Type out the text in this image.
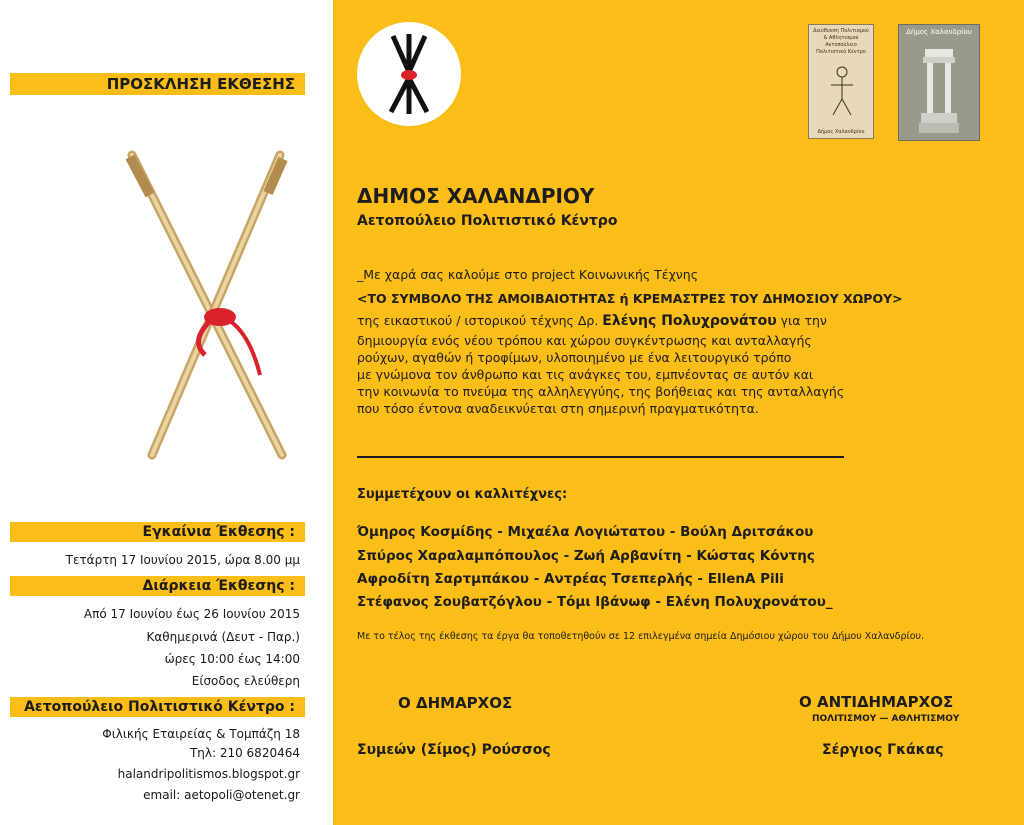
ΠΡΟΣΚΛΗΣΗ ΕΚΘΕΣΗΣ
Εγκαίνια Έκθεσης :
Τετάρτη 17 Ιουνίου 2015, ώρα 8.00 μμ
Διάρκεια Έκθεσης :
Από 17 Ιουνίου έως 26 Ιουνίου 2015
Καθημερινά (Δευτ - Παρ.)
ώρες 10:00 έως 14:00
Είσοδος ελεύθερη
Αετοπούλειο Πολιτιστικό Κέντρο :
Φιλικής Εταιρείας & Τομπάζη 18
Τηλ: 210 6820464
halandripolitismos.blogspot.gr
email: aetopoli@otenet.gr
Διεύθυνση Πολιτισμού & Αθλητισμού Αετοπούλειο Πολιτιστικό Κέντρο
Δήμος Χαλανδρίου
Δήμος Χαλανδρίου
ΔΗΜΟΣ ΧΑΛΑΝΔΡΙΟΥ
Αετοπούλειο Πολιτιστικό Κέντρο
_Με χαρά σας καλούμε στο project Κοινωνικής Τέχνης
<ΤΟ ΣΥΜΒΟΛΟ ΤΗΣ ΑΜΟΙΒΑΙΟΤΗΤΑΣ ή ΚΡΕΜΑΣΤΡΕΣ ΤΟΥ ΔΗΜΟΣΙΟΥ ΧΩΡΟΥ>
της εικαστικού / ιστορικού τέχνης Δρ. Ελένης Πολυχρονάτου για την
δημιουργία ενός νέου τρόπου και χώρου συγκέντρωσης και ανταλλαγής
ρούχων, αγαθών ή τροφίμων, υλοποιημένο με ένα λειτουργικό τρόπο
με γνώμονα τον άνθρωπο και τις ανάγκες του, εμπνέοντας σε αυτόν και
την κοινωνία το πνεύμα της αλληλεγγύης, της βοήθειας και της ανταλλαγής
που τόσο έντονα αναδεικνύεται στη σημερινή πραγματικότητα.
Συμμετέχουν οι καλλιτέχνες:
Όμηρος Κοσμίδης - Μιχαέλα Λογιώτατου - Βούλη Δριτσάκου
Σπύρος Χαραλαμπόπουλος - Ζωή Αρβανίτη - Κώστας Κόντης
Αφροδίτη Σαρτμπάκου - Αντρέας Τσεπερλής - EllenA Pili
Στέφανος Σουβατζόγλου - Τόμι Ιβάνωφ - Ελένη Πολυχρονάτου_
Με το τέλος της έκθεσης τα έργα θα τοποθετηθούν σε 12 επιλεγμένα σημεία Δημόσιου χώρου του Δήμου Χαλανδρίου.
Ο ΔΗΜΑΡΧΟΣ
Συμεών (Σίμος) Ρούσσος
Ο ΑΝΤΙΔΗΜΑΡΧΟΣ
ΠΟΛΙΤΙΣΜΟΥ — ΑΘΛΗΤΙΣΜΟΥ
Σέργιος Γκάκας
